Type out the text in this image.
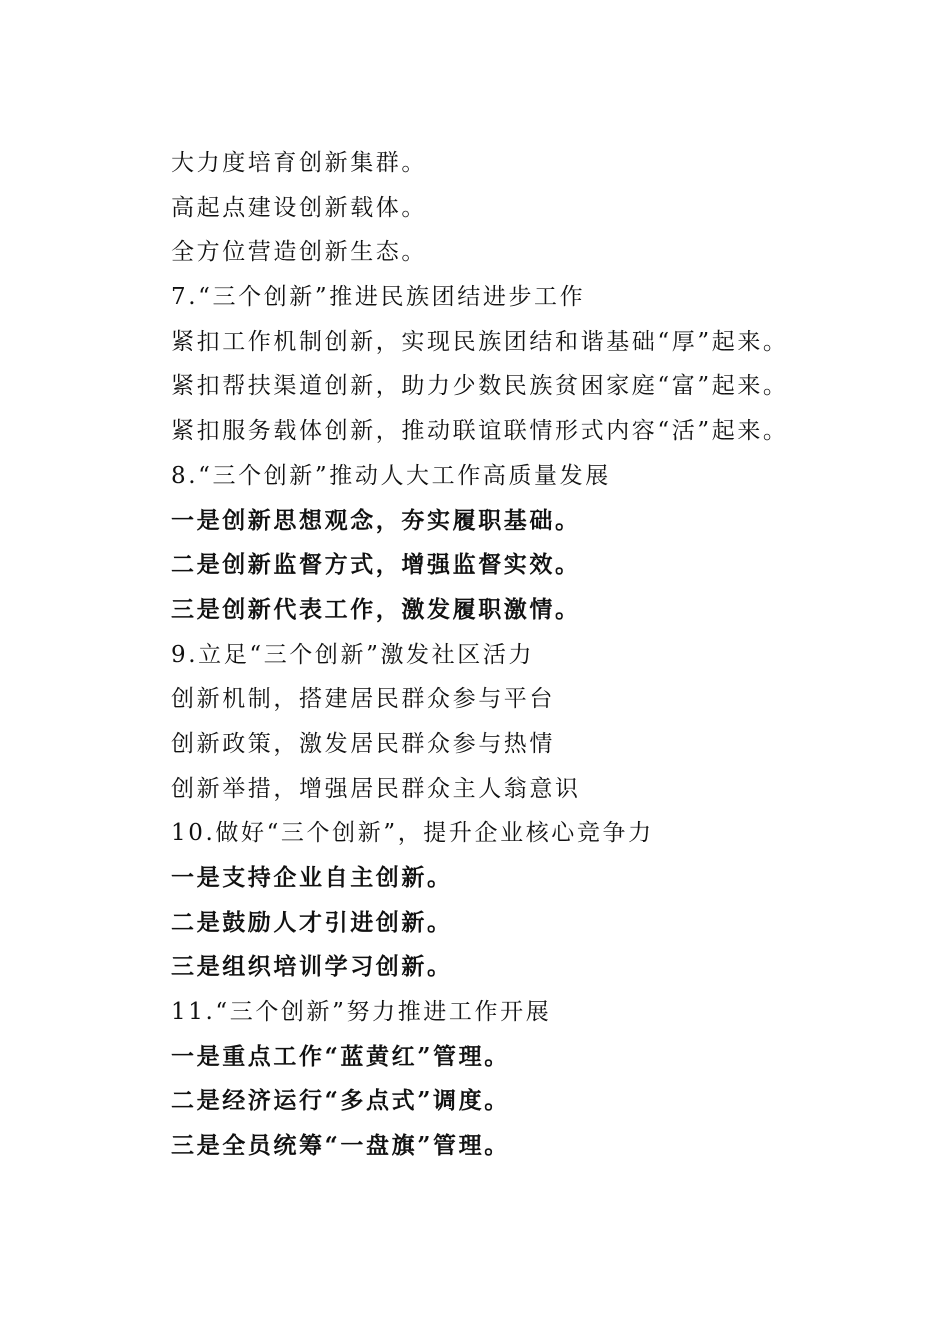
大力度培育创新集群。
高起点建设创新载体。
全方位营造创新生态。
7.“三个创新”推进民族团结进步工作
紧扣工作机制创新，实现民族团结和谐基础“厚”起来。
紧扣帮扶渠道创新，助力少数民族贫困家庭“富”起来。
紧扣服务载体创新，推动联谊联情形式内容“活”起来。
8.“三个创新”推动人大工作高质量发展
一是创新思想观念，夯实履职基础。
二是创新监督方式，增强监督实效。
三是创新代表工作，激发履职激情。
9.立足“三个创新”激发社区活力
创新机制，搭建居民群众参与平台
创新政策，激发居民群众参与热情
创新举措，增强居民群众主人翁意识
10.做好“三个创新”，提升企业核心竞争力
一是支持企业自主创新。
二是鼓励人才引进创新。
三是组织培训学习创新。
11.“三个创新”努力推进工作开展
一是重点工作“蓝黄红”管理。
二是经济运行“多点式”调度。
三是全员统筹“一盘旗”管理。
